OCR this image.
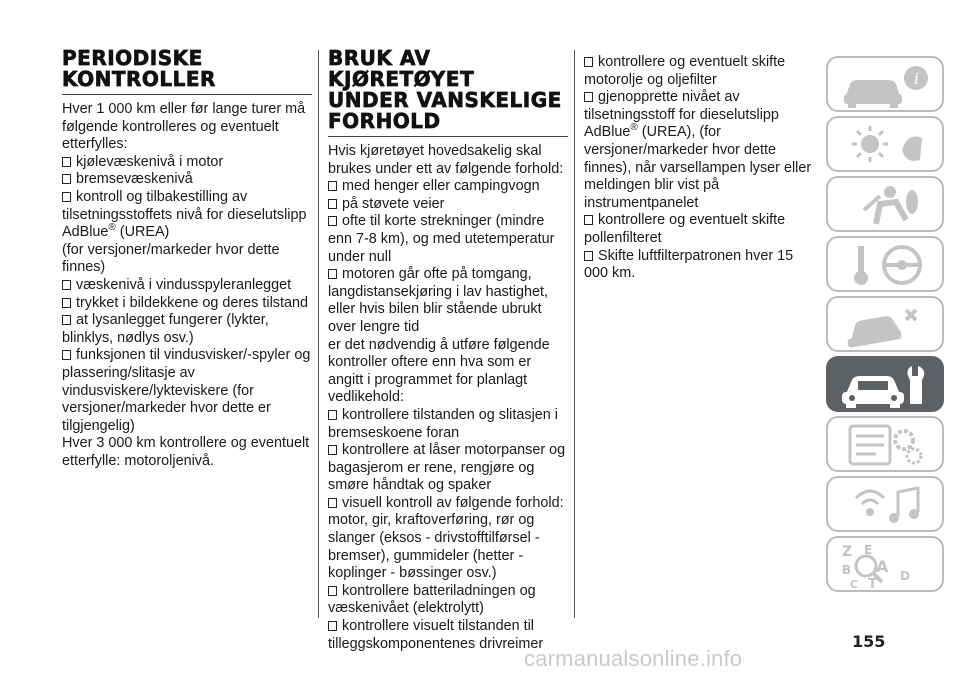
PERIODISKE
KONTROLLER

Hver 1 000 km eller før lange turer må følgende kontrolleres og eventuelt etterfylles:

kjølevæskenivå i motor

bremsevæskenivå

kontroll og tilbakestilling av tilsetningsstoffets nivå for dieselutslipp AdBlue® (UREA)

(for versjoner/markeder hvor dette finnes)

væskenivå i vindusspyleranlegget

trykket i bildekkene og deres tilstand

at lysanlegget fungerer (lykter, blinklys, nødlys osv.)

funksjonen til vindusvisker/-spyler og plassering/slitasje av vindusviskere/lykteviskere (for versjoner/markeder hvor dette er tilgjengelig)

Hver 3 000 km kontrollere og eventuelt etterfylle: motoroljenivå.

BRUK AV
KJØRETØYET
UNDER VANSKELIGE
FORHOLD

Hvis kjøretøyet hovedsakelig skal brukes under ett av følgende forhold:

med henger eller campingvogn

på støvete veier

ofte til korte strekninger (mindre enn 7-8 km), og med utetemperatur under null

motoren går ofte på tomgang, langdistansekjøring i lav hastighet, eller hvis bilen blir stående ubrukt over lengre tid

er det nødvendig å utføre følgende kontroller oftere enn hva som er angitt i programmet for planlagt vedlikehold:

kontrollere tilstanden og slitasjen i bremseskoene foran

kontrollere at låser motorpanser og bagasjerom er rene, rengjøre og smøre håndtak og spaker

visuell kontroll av følgende forhold: motor, gir, kraftoverføring, rør og slanger (eksos - drivstofftilførsel - bremser), gummideler (hetter - koplinger - bøssinger osv.)

kontrollere batteriladningen og væskenivået (elektrolytt)

kontrollere visuelt tilstanden til tilleggskomponentenes drivreimer

kontrollere og eventuelt skifte motorolje og oljefilter

gjenopprette nivået av tilsetningsstoff for dieselutslipp AdBlue® (UREA), (for versjoner/markeder hvor dette finnes), når varsellampen lyser eller meldingen blir vist på instrumentpanelet

kontrollere og eventuelt skifte pollenfilteret

Skifte luftfilterpatronen hver 15 000 km.

i
Z E
B A
C T
D
155
carmanualsonline.info
